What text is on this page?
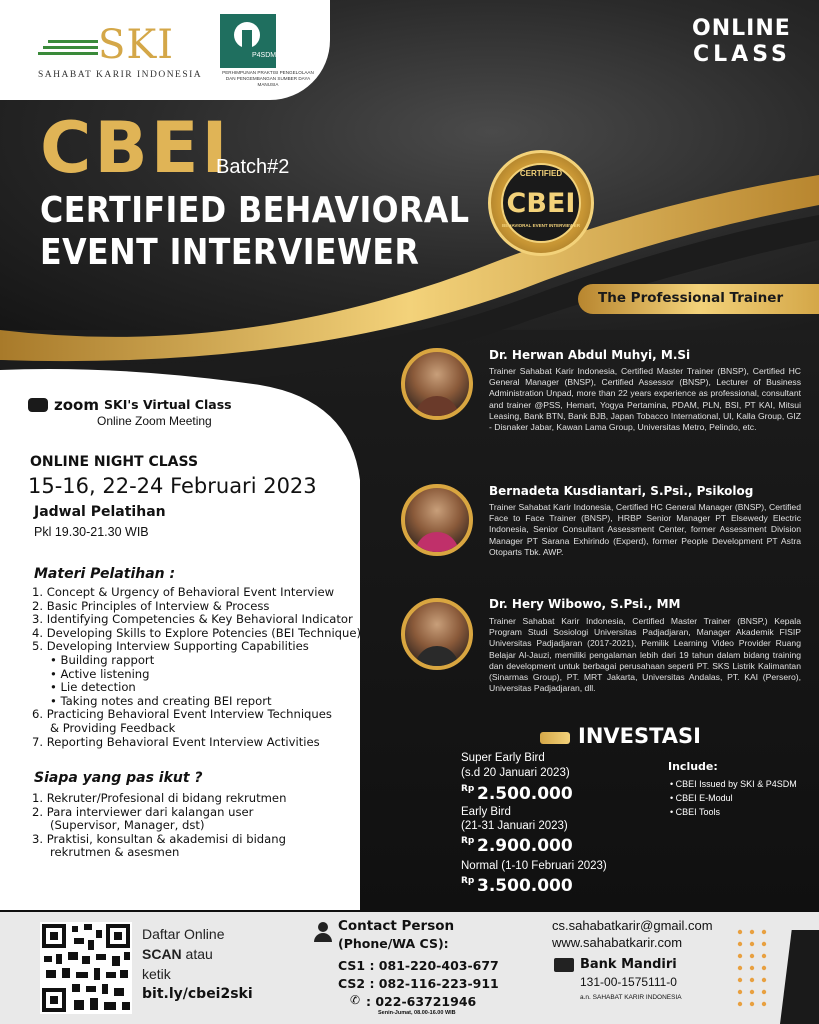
SKI
SAHABAT KARIR INDONESIA
P4SDM
PERHIMPUNAN PRAKTISI PENGELOLAAN DAN PENGEMBANGAN SUMBER DAYA MANUSIA
ONLINE
CLASS
CBEI
Batch#2
CERTIFIED BEHAVIORAL
EVENT INTERVIEWER
CERTIFIED
CBEI
BEHAVIORAL EVENT INTERVIEWER
The Professional Trainer
zoom SKI's Virtual Class
Online Zoom Meeting
ONLINE NIGHT CLASS
15-16, 22-24 Februari 2023
Jadwal Pelatihan
Pkl 19.30-21.30 WIB
Materi Pelatihan :
1. Concept & Urgency of Behavioral Event Interview
2. Basic Principles of Interview & Process
3. Identifying Competencies & Key Behavioral Indicator
4. Developing Skills to Explore Potencies (BEI Technique)
5. Developing Interview Supporting Capabilities
• Building rapport
• Active listening
• Lie detection
• Taking notes and creating BEI report
6. Practicing Behavioral Event Interview Techniques
& Providing Feedback
7. Reporting Behavioral Event Interview Activities
Siapa yang pas ikut ?
1. Rekruter/Profesional di bidang rekrutmen
2. Para interviewer dari kalangan user
(Supervisor, Manager, dst)
3. Praktisi, konsultan & akademisi di bidang
rekrutmen & asesmen
Dr. Herwan Abdul Muhyi, M.Si
Trainer Sahabat Karir Indonesia, Certified Master Trainer (BNSP), Certified HC General Manager (BNSP), Certified Assessor (BNSP), Lecturer of Business Administration Unpad, more than 22 years experience as professional, consultant and trainer @PSS, Hemart, Yogya Pertamina, PDAM, PLN, BSI, PT KAI, Mitsui Leasing, Bank BTN, Bank BJB, Japan Tobacco International, UI, Kalla Group, GIZ - Disnaker Jabar, Kawan Lama Group, Universitas Metro, Pelindo, etc.
Bernadeta Kusdiantari, S.Psi., Psikolog
Trainer Sahabat Karir Indonesia, Certified HC General Manager (BNSP), Certified Face to Face Trainer (BNSP), HRBP Senior Manager PT Elsewedy Electric Indonesia, Senior Consultant Assessment Center, former Assessment Division Manager PT Sarana Exhirindo (Experd), former People Development PT Astra Otoparts Tbk. AWP.
Dr. Hery Wibowo, S.Psi., MM
Trainer Sahabat Karir Indonesia, Certified Master Trainer (BNSP,) Kepala Program Studi Sosiologi Universitas Padjadjaran, Manager Akademik FISIP Universitas Padjadjaran (2017-2021), Pemilik Learning Video Provider Ruang Belajar Al-Jauzi, memiliki pengalaman lebih dari 19 tahun dalam bidang training dan development untuk berbagai perusahaan seperti PT. SKS Listrik Kalimantan (Sinarmas Group), PT. MRT Jakarta, Universitas Andalas, PT. KAI (Persero), Universitas Padjadjaran, dll.
INVESTASI
Super Early Bird
(s.d 20 Januari 2023)
Rp 2.500.000
Early Bird
(21-31 Januari 2023)
Rp 2.900.000
Normal (1-10 Februari 2023)
Rp 3.500.000
Include:
• CBEI Issued by SKI & P4SDM
• CBEI E-Modul
• CBEI Tools
Daftar Online
SCAN atau
ketik
bit.ly/cbei2ski
Contact Person
(Phone/WA CS):
CS1 : 081-220-403-677
CS2 : 082-116-223-911
✆ : 022-63721946
Senin-Jumat, 08.00-16.00 WIB
cs.sahabatkarir@gmail.com
www.sahabatkarir.com
Bank Mandiri
131-00-1575111-0
a.n. SAHABAT KARIR INDONESIA
